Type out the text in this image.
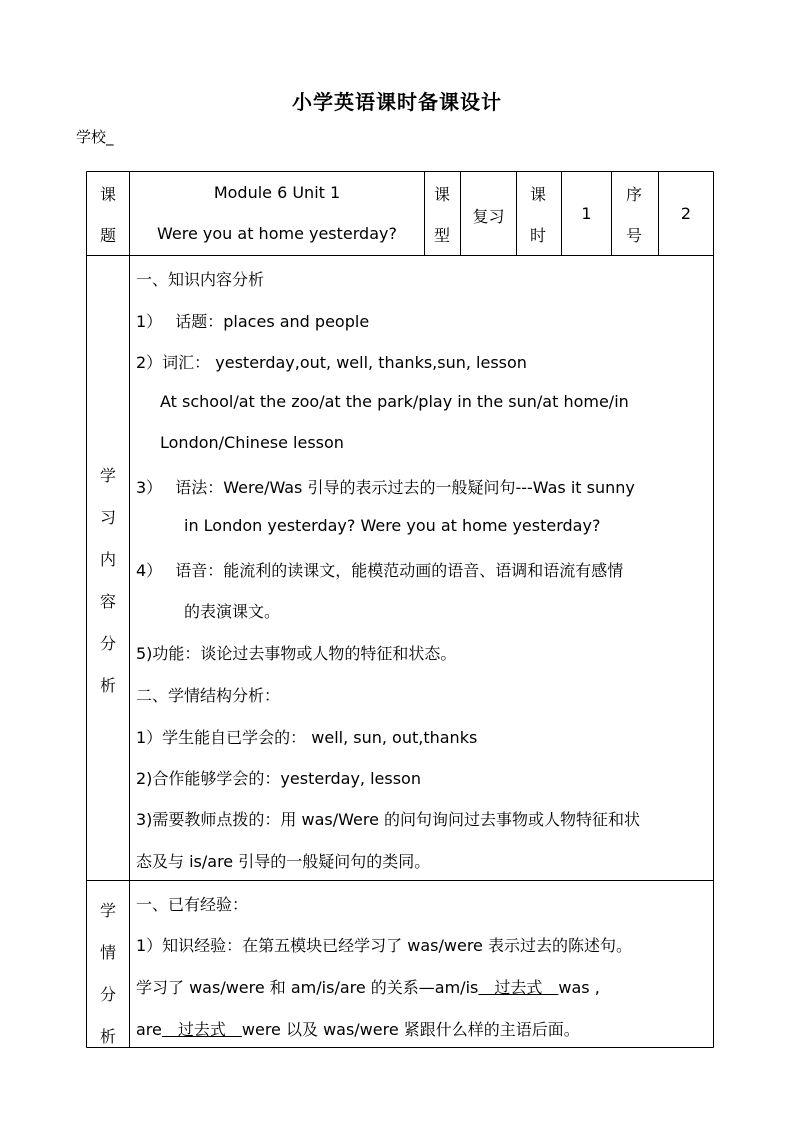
小学英语课时备课设计
学校_
课
题
Module 6 Unit 1
Were you at home yesterday?
课
型
复习
课
时
1
序
号
2
学
习
内
容
分
析
一、知识内容分析
1）　 话题：places and people
2）词汇： yesterday,out, well, thanks,sun, lesson
At school/at the zoo/at the park/play in the sun/at home/in
London/Chinese lesson
3）　 语法：Were/Was 引导的表示过去的一般疑问句---Was it sunny
in London yesterday? Were you at home yesterday?
4）　 语音：能流利的读课文，能模范动画的语音、语调和语流有感情
的表演课文。
5)功能：谈论过去事物或人物的特征和状态。
二、学情结构分析：
1）学生能自已学会的： well, sun, out,thanks
2)合作能够学会的：yesterday, lesson
3)需要教师点拨的：用 was/Were 的问句询问过去事物或人物特征和状
态及与 is/are 引导的一般疑问句的类同。
学
情
分
析
一、已有经验：
1）知识经验：在第五模块已经学习了 was/were 表示过去的陈述句。
学习了 was/were 和 am/is/are 的关系—am/is　过去式　was ,
are　过去式　were 以及 was/were 紧跟什么样的主语后面。
